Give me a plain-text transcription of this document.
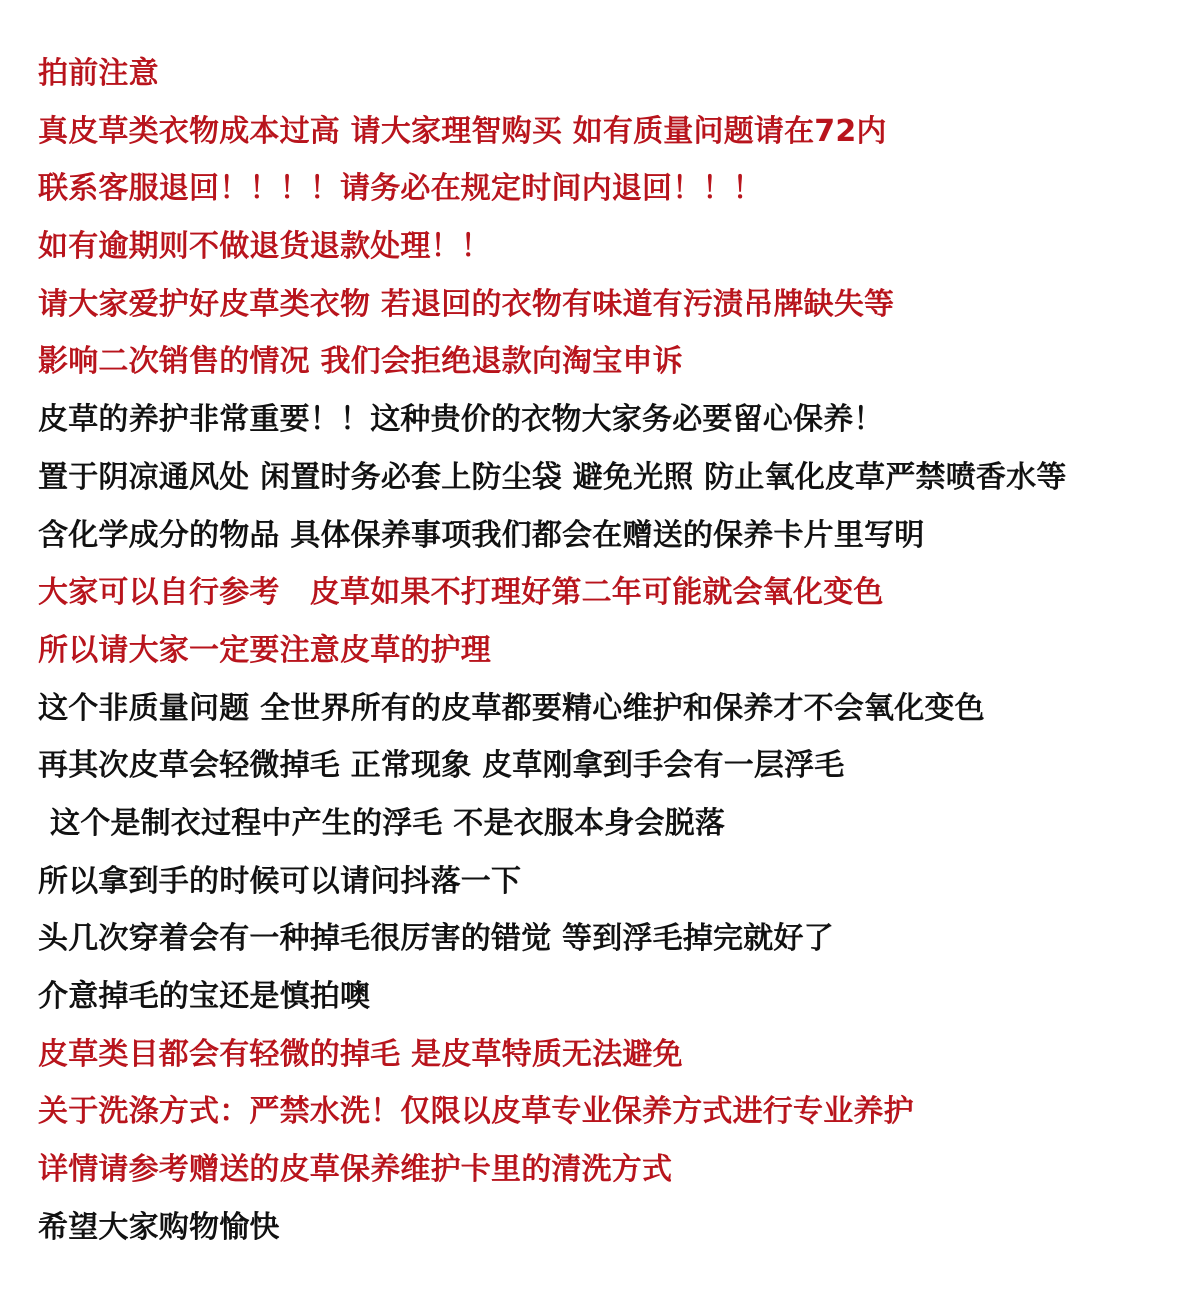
拍前注意
真皮草类衣物成本过高 请大家理智购买 如有质量问题请在72内
联系客服退回！！！！请务必在规定时间内退回！！！
如有逾期则不做退货退款处理！！
请大家爱护好皮草类衣物 若退回的衣物有味道有污渍吊牌缺失等
影响二次销售的情况 我们会拒绝退款向淘宝申诉
皮草的养护非常重要！！这种贵价的衣物大家务必要留心保养！
置于阴凉通风处 闲置时务必套上防尘袋 避免光照 防止氧化皮草严禁喷香水等
含化学成分的物品 具体保养事项我们都会在赠送的保养卡片里写明
大家可以自行参考　皮草如果不打理好第二年可能就会氧化变色
所以请大家一定要注意皮草的护理
这个非质量问题 全世界所有的皮草都要精心维护和保养才不会氧化变色
再其次皮草会轻微掉毛 正常现象 皮草刚拿到手会有一层浮毛
这个是制衣过程中产生的浮毛 不是衣服本身会脱落
所以拿到手的时候可以请问抖落一下
头几次穿着会有一种掉毛很厉害的错觉 等到浮毛掉完就好了
介意掉毛的宝还是慎拍噢
皮草类目都会有轻微的掉毛 是皮草特质无法避免
关于洗涤方式：严禁水洗！仅限以皮草专业保养方式进行专业养护
详情请参考赠送的皮草保养维护卡里的清洗方式
希望大家购物愉快
